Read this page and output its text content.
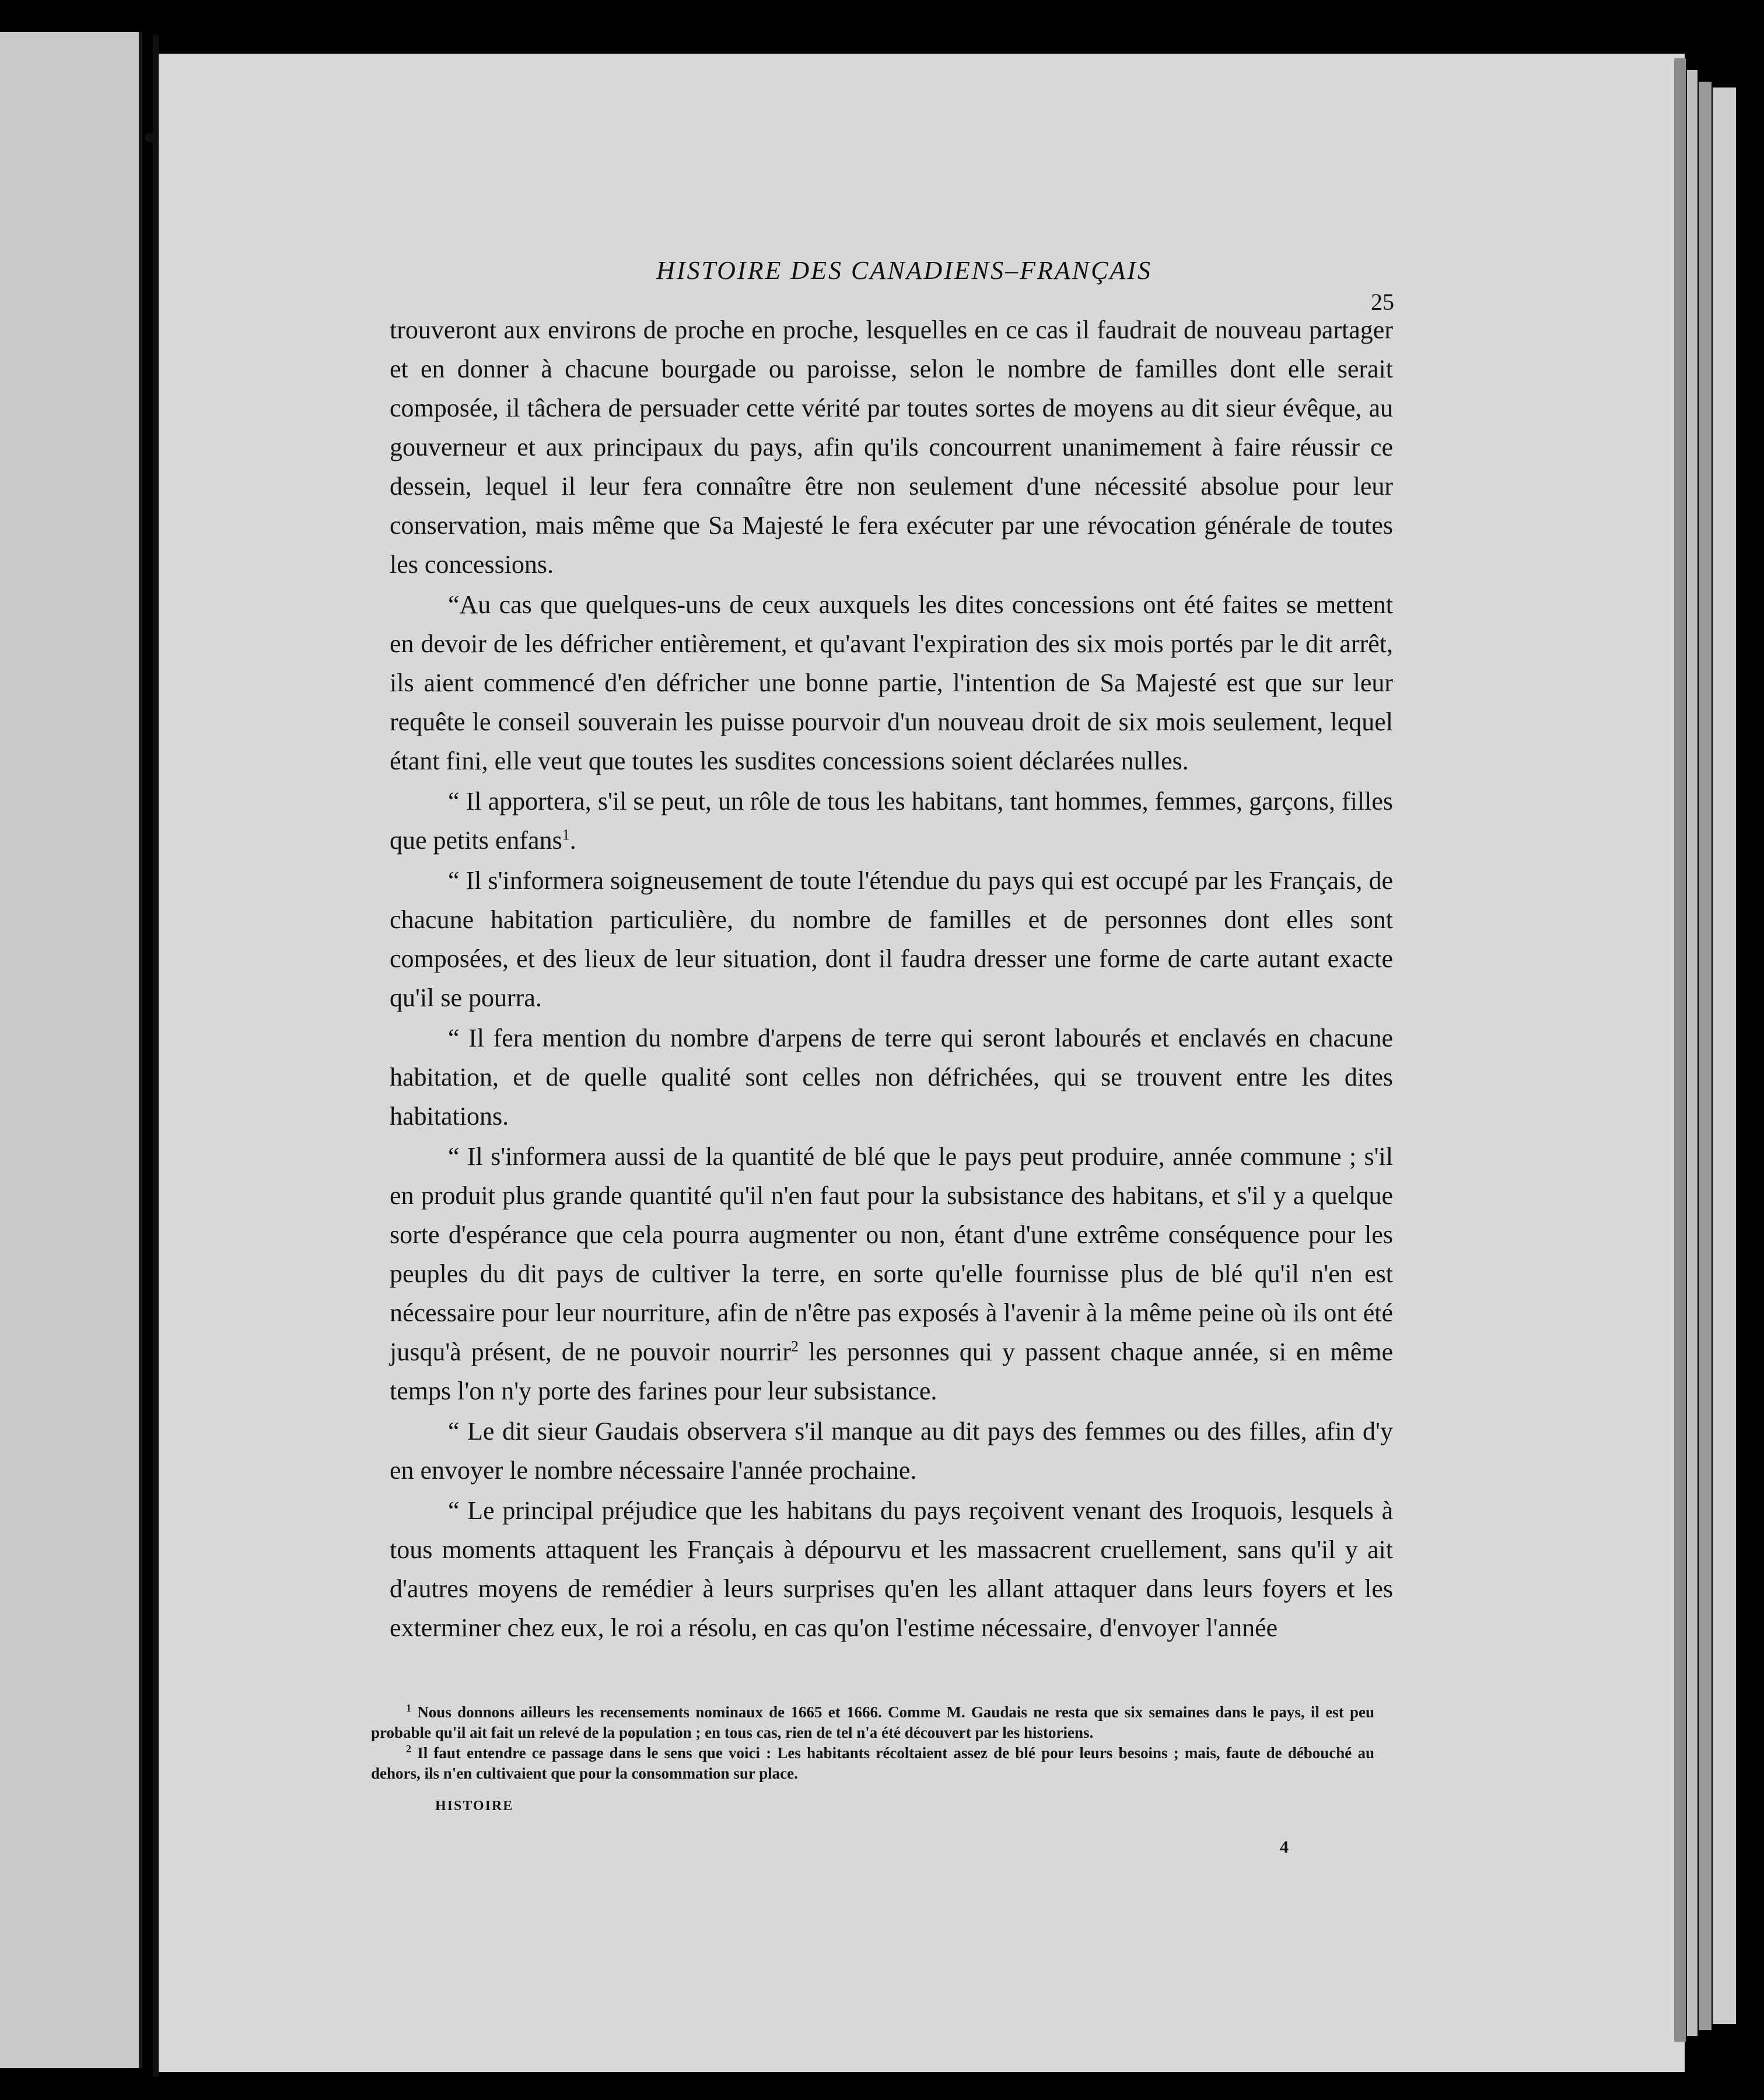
HISTOIRE DES CANADIENS–FRANÇAIS
25

trouveront aux environs de proche en proche, lesquelles en ce cas il faudrait de nouveau partager et en donner à chacune bourgade ou paroisse, selon le nombre de familles dont elle serait composée, il tâchera de persuader cette vérité par toutes sortes de moyens au dit sieur évêque, au gouverneur et aux principaux du pays, afin qu'ils concourrent unanimement à faire réussir ce dessein, lequel il leur fera connaître être non seulement d'une nécessité absolue pour leur conservation, mais même que Sa Majesté le fera exécuter par une révocation générale de toutes les concessions.

“Au cas que quelques-uns de ceux auxquels les dites concessions ont été faites se mettent en devoir de les défricher entièrement, et qu'avant l'expiration des six mois portés par le dit arrêt, ils aient commencé d'en défricher une bonne partie, l'intention de Sa Majesté est que sur leur requête le conseil souverain les puisse pourvoir d'un nouveau droit de six mois seulement, lequel étant fini, elle veut que toutes les susdites concessions soient déclarées nulles.

“ Il apportera, s'il se peut, un rôle de tous les habitans, tant hommes, femmes, garçons, filles que petits enfans$^1$.

“ Il s'informera soigneusement de toute l'étendue du pays qui est occupé par les Français, de chacune habitation particulière, du nombre de familles et de personnes dont elles sont composées, et des lieux de leur situation, dont il faudra dresser une forme de carte autant exacte qu'il se pourra.

“ Il fera mention du nombre d'arpens de terre qui seront labourés et enclavés en chacune habitation, et de quelle qualité sont celles non défrichées, qui se trouvent entre les dites habitations.

“ Il s'informera aussi de la quantité de blé que le pays peut produire, année commune ; s'il en produit plus grande quantité qu'il n'en faut pour la subsistance des habitans, et s'il y a quelque sorte d'espérance que cela pourra augmenter ou non, étant d'une extrême conséquence pour les peuples du dit pays de cultiver la terre, en sorte qu'elle fournisse plus de blé qu'il n'en est nécessaire pour leur nourriture, afin de n'être pas exposés à l'avenir à la même peine où ils ont été jusqu'à présent, de ne pouvoir nourrir$^2$ les personnes qui y passent chaque année, si en même temps l'on n'y porte des farines pour leur subsistance.

“ Le dit sieur Gaudais observera s'il manque au dit pays des femmes ou des filles, afin d'y en envoyer le nombre nécessaire l'année prochaine.

“ Le principal préjudice que les habitans du pays reçoivent venant des Iroquois, lesquels à tous moments attaquent les Français à dépourvu et les massacrent cruellement, sans qu'il y ait d'autres moyens de remédier à leurs surprises qu'en les allant attaquer dans leurs foyers et les exterminer chez eux, le roi a résolu, en cas qu'on l'estime nécessaire, d'envoyer l'année

$^1$ Nous donnons ailleurs les recensements nominaux de 1665 et 1666. Comme M. Gaudais ne resta que six semaines dans le pays, il est peu probable qu'il ait fait un relevé de la population ; en tous cas, rien de tel n'a été découvert par les historiens.

$^2$ Il faut entendre ce passage dans le sens que voici : Les habitants récoltaient assez de blé pour leurs besoins ; mais, faute de débouché au dehors, ils n'en cultivaient que pour la consommation sur place.

HISTOIRE
4
